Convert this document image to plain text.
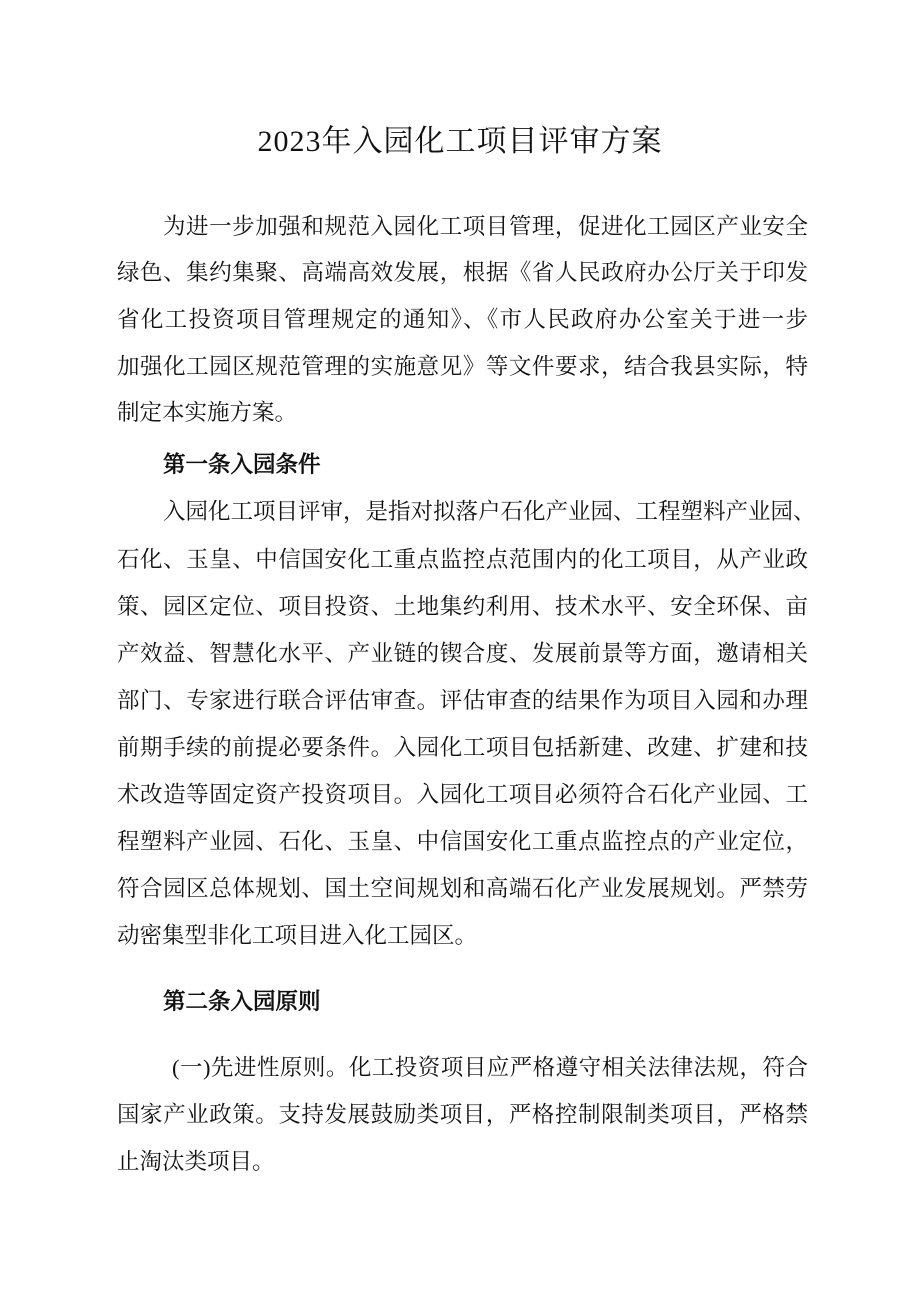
2023年入园化工项目评审方案
为进一步加强和规范入园化工项目管理，促进化工园区产业安全
绿色、集约集聚、高端高效发展，根据《省人民政府办公厅关于印发
省化工投资项目管理规定的通知》、《市人民政府办公室关于进一步
加强化工园区规范管理的实施意见》等文件要求，结合我县实际，特
制定本实施方案。
第一条入园条件
入园化工项目评审，是指对拟落户石化产业园、工程塑料产业园、
石化、玉皇、中信国安化工重点监控点范围内的化工项目，从产业政
策、园区定位、项目投资、土地集约利用、技术水平、安全环保、亩
产效益、智慧化水平、产业链的锲合度、发展前景等方面，邀请相关
部门、专家进行联合评估审查。评估审查的结果作为项目入园和办理
前期手续的前提必要条件。入园化工项目包括新建、改建、扩建和技
术改造等固定资产投资项目。入园化工项目必须符合石化产业园、工
程塑料产业园、石化、玉皇、中信国安化工重点监控点的产业定位，
符合园区总体规划、国土空间规划和高端石化产业发展规划。严禁劳
动密集型非化工项目进入化工园区。
第二条入园原则
(一)先进性原则。化工投资项目应严格遵守相关法律法规，符合
国家产业政策。支持发展鼓励类项目，严格控制限制类项目，严格禁
止淘汰类项目。
